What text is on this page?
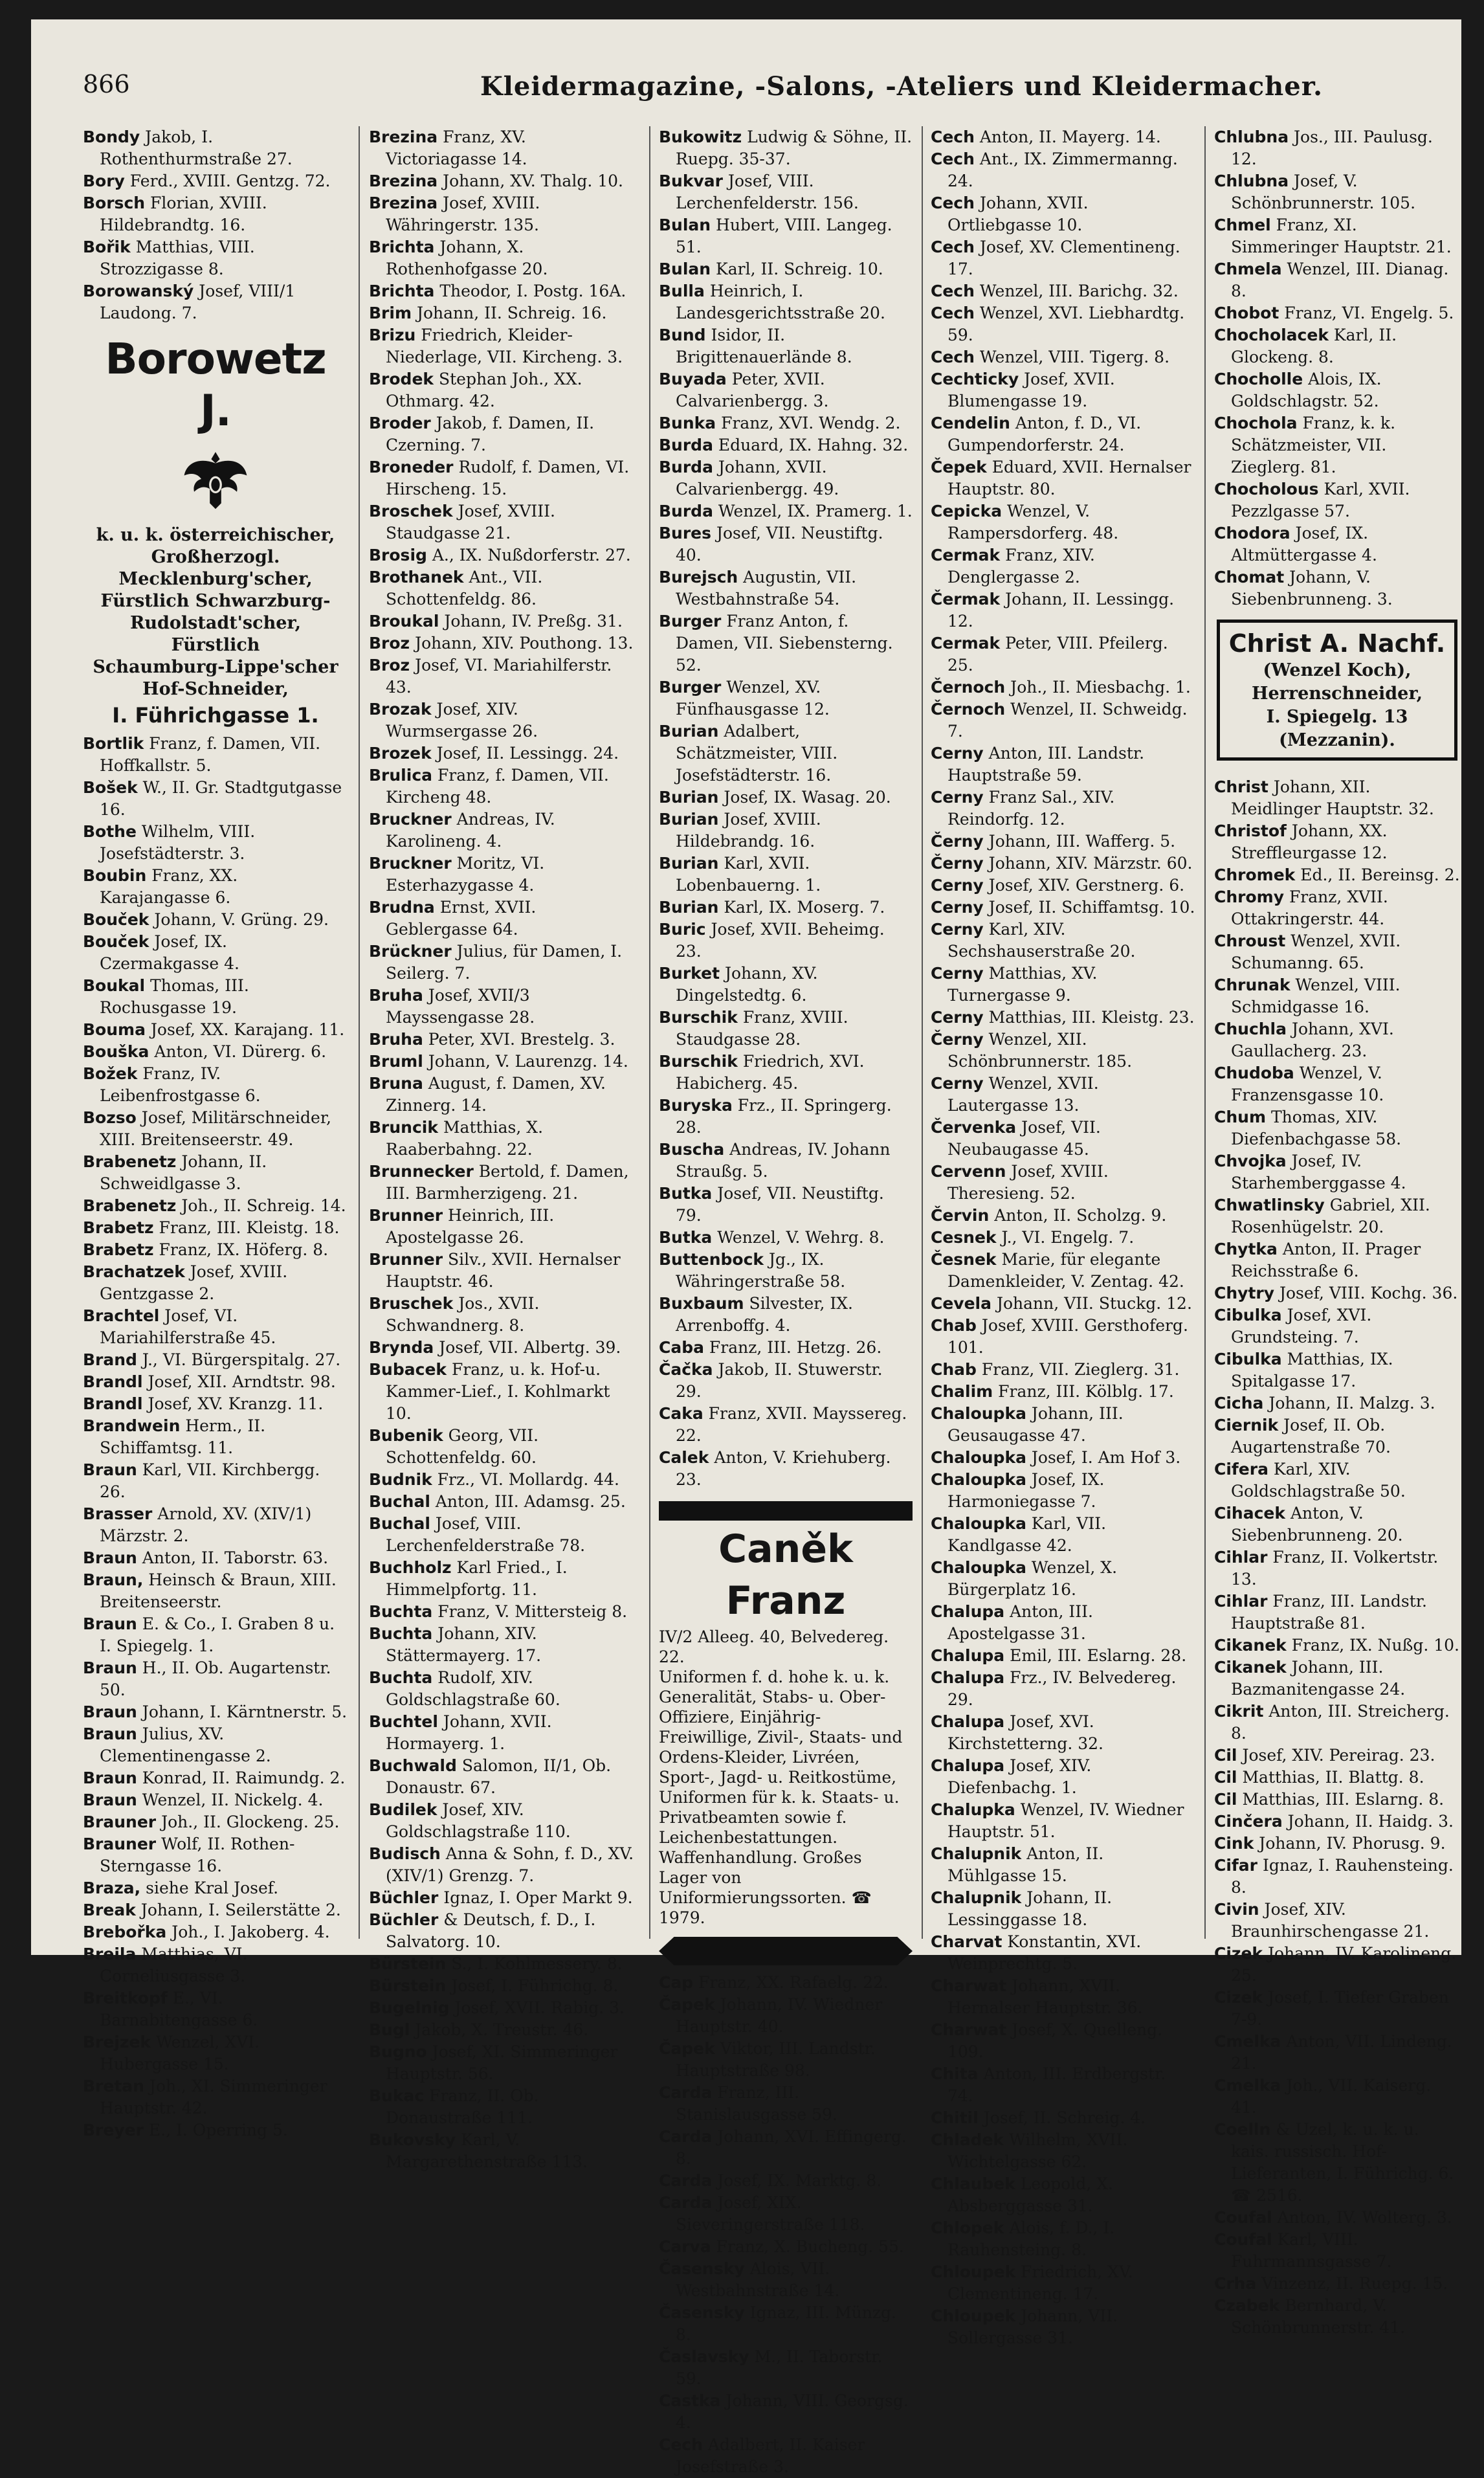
866	Kleidermagazine, -Salons, -Ateliers und Kleidermacher.

Bondy Jakob, I. Rothenthurmstraße 27.

Bory Ferd., XVIII. Gentzg. 72.

Borsch Florian, XVIII. Hildebrandtg. 16.

Bořik Matthias, VIII. Strozzigasse 8.

Borowanský Josef, VIII/1 Laudong. 7.

Borowetz J.
k. u. k. österreichischer,
Großherzogl. Mecklenburg'scher,
Fürstlich Schwarzburg-Rudolstadt'scher,
Fürstlich
Schaumburg-Lippe'scher
Hof-Schneider,
I. Führichgasse 1.

Bortlik Franz, f. Damen, VII. Hoffkallstr. 5.

Bošek W., II. Gr. Stadtgutgasse 16.

Bothe Wilhelm, VIII. Josefstädterstr. 3.

Boubin Franz, XX. Karajangasse 6.

Bouček Johann, V. Grüng. 29.

Bouček Josef, IX. Czermakgasse 4.

Boukal Thomas, III. Rochusgasse 19.

Bouma Josef, XX. Karajang. 11.

Bouška Anton, VI. Dürerg. 6.

Božek Franz, IV. Leibenfrostgasse 6.

Bozso Josef, Militärschneider, XIII. Breitenseerstr. 49.

Brabenetz Johann, II. Schweidlgasse 3.

Brabenetz Joh., II. Schreig. 14.

Brabetz Franz, III. Kleistg. 18.

Brabetz Franz, IX. Höferg. 8.

Brachatzek Josef, XVIII. Gentzgasse 2.

Brachtel Josef, VI. Mariahilferstraße 45.

Brand J., VI. Bürgerspitalg. 27.

Brandl Josef, XII. Arndtstr. 98.

Brandl Josef, XV. Kranzg. 11.

Brandwein Herm., II. Schiffamtsg. 11.

Braun Karl, VII. Kirchbergg. 26.

Brasser Arnold, XV. (XIV/1) Märzstr. 2.

Braun Anton, II. Taborstr. 63.

Braun, Heinsch & Braun, XIII. Breitenseerstr.

Braun E. & Co., I. Graben 8 u. I. Spiegelg. 1.

Braun H., II. Ob. Augartenstr. 50.

Braun Johann, I. Kärntnerstr. 5.

Braun Julius, XV. Clementinengasse 2.

Braun Konrad, II. Raimundg. 2.

Braun Wenzel, II. Nickelg. 4.

Brauner Joh., II. Glockeng. 25.

Brauner Wolf, II. Rothen-Sterngasse 16.

Braza, siehe Kral Josef.

Break Johann, I. Seilerstätte 2.

Brebořka Joh., I. Jakoberg. 4.

Breila Matthias, VI. Corneliusgasse 3.

Breitkopf E., VI. Barnabitengasse 6.

Brejzek Wenzel, XVI. Hubergasse 15.

Bretan Joh., XI. Simmeringer Hauptstr. 42.

Breyer E., I. Operring 5.

Brezina Franz, XV. Victoriagasse 14.

Brezina Johann, XV. Thalg. 10.

Brezina Josef, XVIII. Währingerstr. 135.

Brichta Johann, X. Rothenhofgasse 20.

Brichta Theodor, I. Postg. 16A.

Brim Johann, II. Schreig. 16.

Brizu Friedrich, Kleider-Niederlage, VII. Kircheng. 3.

Brodek Stephan Joh., XX. Othmarg. 42.

Broder Jakob, f. Damen, II. Czerning. 7.

Broneder Rudolf, f. Damen, VI. Hirscheng. 15.

Broschek Josef, XVIII. Staudgasse 21.

Brosig A., IX. Nußdorferstr. 27.

Brothanek Ant., VII. Schottenfeldg. 86.

Broukal Johann, IV. Preßg. 31.

Broz Johann, XIV. Pouthong. 13.

Broz Josef, VI. Mariahilferstr. 43.

Brozak Josef, XIV. Wurmsergasse 26.

Brozek Josef, II. Lessingg. 24.

Brulica Franz, f. Damen, VII. Kircheng 48.

Bruckner Andreas, IV. Karolineng. 4.

Bruckner Moritz, VI. Esterhazygasse 4.

Brudna Ernst, XVII. Geblergasse 64.

Brückner Julius, für Damen, I. Seilerg. 7.

Bruha Josef, XVII/3 Mayssengasse 28.

Bruha Peter, XVI. Brestelg. 3.

Bruml Johann, V. Laurenzg. 14.

Bruna August, f. Damen, XV. Zinnerg. 14.

Bruncik Matthias, X. Raaberbahng. 22.

Brunnecker Bertold, f. Damen, III. Barmherzigeng. 21.

Brunner Heinrich, III. Apostelgasse 26.

Brunner Silv., XVII. Hernalser Hauptstr. 46.

Bruschek Jos., XVII. Schwandnerg. 8.

Brynda Josef, VII. Albertg. 39.

Bubacek Franz, u. k. Hof-u. Kammer-Lief., I. Kohlmarkt 10.

Bubenik Georg, VII. Schottenfeldg. 60.

Budnik Frz., VI. Mollardg. 44.

Buchal Anton, III. Adamsg. 25.

Buchal Josef, VIII. Lerchenfelderstraße 78.

Buchholz Karl Fried., I. Himmelpfortg. 11.

Buchta Franz, V. Mittersteig 8.

Buchta Johann, XIV. Stättermayerg. 17.

Buchta Rudolf, XIV. Goldschlagstraße 60.

Buchtel Johann, XVII. Hormayerg. 1.

Buchwald Salomon, II/1, Ob. Donaustr. 67.

Budilek Josef, XIV. Goldschlagstraße 110.

Budisch Anna & Sohn, f. D., XV. (XIV/1) Grenzg. 7.

Büchler Ignaz, I. Oper Markt 9.

Büchler & Deutsch, f. D., I. Salvatorg. 10.

Bürstein S., I. Kohlmessery. 8.

Bürstein Josef, I. Führichg. 8.

Bugelnig Josef, XVII. Rabig. 3.

Bugl Jakob, X. Treustr. 46.

Bugno Josef, XI. Simmeringer Hauptstr. 56.

Bukac Franz, II. Ob. Donaustraße 111.

Bukovsky Karl, V. Margarethenstraße 113.

Bukowitz Ludwig & Söhne, II. Ruepg. 35-37.

Bukvar Josef, VIII. Lerchenfelderstr. 156.

Bulan Hubert, VIII. Langeg. 51.

Bulan Karl, II. Schreig. 10.

Bulla Heinrich, I. Landesgerichtsstraße 20.

Bund Isidor, II. Brigittenauerlände 8.

Buyada Peter, XVII. Calvarienbergg. 3.

Bunka Franz, XVI. Wendg. 2.

Burda Eduard, IX. Hahng. 32.

Burda Johann, XVII. Calvarienbergg. 49.

Burda Wenzel, IX. Pramerg. 1.

Bures Josef, VII. Neustiftg. 40.

Burejsch Augustin, VII. Westbahnstraße 54.

Burger Franz Anton, f. Damen, VII. Siebensterng. 52.

Burger Wenzel, XV. Fünfhausgasse 12.

Burian Adalbert, Schätzmeister, VIII. Josefstädterstr. 16.

Burian Josef, IX. Wasag. 20.

Burian Josef, XVIII. Hildebrandg. 16.

Burian Karl, XVII. Lobenbauerng. 1.

Burian Karl, IX. Moserg. 7.

Buric Josef, XVII. Beheimg. 23.

Burket Johann, XV. Dingelstedtg. 6.

Burschik Franz, XVIII. Staudgasse 28.

Burschik Friedrich, XVI. Habicherg. 45.

Buryska Frz., II. Springerg. 28.

Buscha Andreas, IV. Johann Straußg. 5.

Butka Josef, VII. Neustiftg. 79.

Butka Wenzel, V. Wehrg. 8.

Buttenbock Jg., IX. Währingerstraße 58.

Buxbaum Silvester, IX. Arrenboffg. 4.

Caba Franz, III. Hetzg. 26.

Čačka Jakob, II. Stuwerstr. 29.

Caka Franz, XVII. Mayssereg. 22.

Calek Anton, V. Kriehuberg. 23.

Caněk Franz
IV/2 Alleeg. 40, Belvedereg. 22.
Uniformen f. d. hohe k. u. k. Generalität, Stabs- u. Ober-Offiziere, Einjährig-Freiwillige, Zivil-, Staats- und Ordens-Kleider, Livréen, Sport-, Jagd- u. Reitkostüme, Uniformen für k. k. Staats- u. Privatbeamten sowie f. Leichenbestattungen. Waffenhandlung. Großes Lager von Uniformierungssorten. ☎ 1979.

Cap Franz, XX. Rafaelg. 22.

Čapek Johann, IV. Wiedner Hauptstr. 40.

Čapek Viktor, III. Landstr. Hauptstraße 98.

Carda Franz, III. Stanislausgasse 59.

Carda Johann, XVI. Effingerg. 8.

Carda Josef, IX. Marktg. 8.

Carda Josef, XIX. Sieveringerstraße 118.

Carva Franz, X. Bucheng. 55.

Časensky Alois, VII. Westbahnstraße 14.

Časensky Ignaz, III. Münzg. 8.

Časlavsky M., II. Taborstr. 59.

Castka Johann, VIII. Georgsg. 4.

Cech Adalbert, II. Kaiser Josefstraße 3.

Cech Anton, II. Mayerg. 14.

Cech Ant., IX. Zimmermanng. 24.

Cech Johann, XVII. Ortliebgasse 10.

Cech Josef, XV. Clementineng. 17.

Cech Wenzel, III. Barichg. 32.

Cech Wenzel, XVI. Liebhardtg. 59.

Cech Wenzel, VIII. Tigerg. 8.

Cechticky Josef, XVII. Blumengasse 19.

Cendelin Anton, f. D., VI. Gumpendorferstr. 24.

Čepek Eduard, XVII. Hernalser Hauptstr. 80.

Cepicka Wenzel, V. Rampersdorferg. 48.

Cermak Franz, XIV. Denglergasse 2.

Čermak Johann, II. Lessingg. 12.

Cermak Peter, VIII. Pfeilerg. 25.

Černoch Joh., II. Miesbachg. 1.

Černoch Wenzel, II. Schweidg. 7.

Cerny Anton, III. Landstr. Hauptstraße 59.

Cerny Franz Sal., XIV. Reindorfg. 12.

Černy Johann, III. Wafferg. 5.

Černy Johann, XIV. Märzstr. 60.

Cerny Josef, XIV. Gerstnerg. 6.

Cerny Josef, II. Schiffamtsg. 10.

Cerny Karl, XIV. Sechshauserstraße 20.

Cerny Matthias, XV. Turnergasse 9.

Cerny Matthias, III. Kleistg. 23.

Černy Wenzel, XII. Schönbrunnerstr. 185.

Cerny Wenzel, XVII. Lautergasse 13.

Červenka Josef, VII. Neubaugasse 45.

Cervenn Josef, XVIII. Theresieng. 52.

Červin Anton, II. Scholzg. 9.

Cesnek J., VI. Engelg. 7.

Česnek Marie, für elegante Damenkleider, V. Zentag. 42.

Cevela Johann, VII. Stuckg. 12.

Chab Josef, XVIII. Gersthoferg. 101.

Chab Franz, VII. Zieglerg. 31.

Chalim Franz, III. Kölblg. 17.

Chaloupka Johann, III. Geusaugasse 47.

Chaloupka Josef, I. Am Hof 3.

Chaloupka Josef, IX. Harmoniegasse 7.

Chaloupka Karl, VII. Kandlgasse 42.

Chaloupka Wenzel, X. Bürgerplatz 16.

Chalupa Anton, III. Apostelgasse 31.

Chalupa Emil, III. Eslarng. 28.

Chalupa Frz., IV. Belvedereg. 29.

Chalupa Josef, XVI. Kirchstetterng. 32.

Chalupa Josef, XIV. Diefenbachg. 1.

Chalupka Wenzel, IV. Wiedner Hauptstr. 51.

Chalupnik Anton, II. Mühlgasse 15.

Chalupnik Johann, II. Lessinggasse 18.

Charvat Konstantin, XVI. Weinprechtg. 5.

Charwat Johann, XVII. Hernalser Hauptstr. 36.

Charwat Josef, X. Quelleng. 109.

Chita Anton, III. Erdbergstr. 74.

Chitil Josef, II. Schreig. 4.

Chladek Wilhelm, XVII. Wichtelgasse 62.

Chlaubek Leopold, X. Absberggasse 31.

Chlopek Alois, f. D., I. Rauhensteing. 8.

Chloupek Friedrich, XV. Clementineng. 17.

Chloupek Johann, VII. Sollergasse 31.

Chlubna Jos., III. Paulusg. 12.

Chlubna Josef, V. Schönbrunnerstr. 105.

Chmel Franz, XI. Simmeringer Hauptstr. 21.

Chmela Wenzel, III. Dianag. 8.

Chobot Franz, VI. Engelg. 5.

Chocholacek Karl, II. Glockeng. 8.

Chocholle Alois, IX. Goldschlagstr. 52.

Chochola Franz, k. k. Schätzmeister, VII. Zieglerg. 81.

Chocholous Karl, XVII. Pezzlgasse 57.

Chodora Josef, IX. Altmüttergasse 4.

Chomat Johann, V. Siebenbrunneng. 3.

Christ A. Nachf.
(Wenzel Koch),
Herrenschneider,
I. Spiegelg. 13 (Mezzanin).

Christ Johann, XII. Meidlinger Hauptstr. 32.

Christof Johann, XX. Streffleurgasse 12.

Chromek Ed., II. Bereinsg. 2.

Chromy Franz, XVII. Ottakringerstr. 44.

Chroust Wenzel, XVII. Schumanng. 65.

Chrunak Wenzel, VIII. Schmidgasse 16.

Chuchla Johann, XVI. Gaullacherg. 23.

Chudoba Wenzel, V. Franzensgasse 10.

Chum Thomas, XIV. Diefenbachgasse 58.

Chvojka Josef, IV. Starhemberggasse 4.

Chwatlinsky Gabriel, XII. Rosenhügelstr. 20.

Chytka Anton, II. Prager Reichsstraße 6.

Chytry Josef, VIII. Kochg. 36.

Cibulka Josef, XVI. Grundsteing. 7.

Cibulka Matthias, IX. Spitalgasse 17.

Cicha Johann, II. Malzg. 3.

Ciernik Josef, II. Ob. Augartenstraße 70.

Cifera Karl, XIV. Goldschlagstraße 50.

Cihacek Anton, V. Siebenbrunneng. 20.

Cihlar Franz, II. Volkertstr. 13.

Cihlar Franz, III. Landstr. Hauptstraße 81.

Cikanek Franz, IX. Nußg. 10.

Cikanek Johann, III. Bazmanitengasse 24.

Cikrit Anton, III. Streicherg. 8.

Cil Josef, XIV. Pereirag. 23.

Cil Matthias, II. Blattg. 8.

Cil Matthias, III. Eslarng. 8.

Cinčera Johann, II. Haidg. 3.

Cink Johann, IV. Phorusg. 9.

Cifar Ignaz, I. Rauhensteing. 8.

Civin Josef, XIV. Braunhirschengasse 21.

Cizek Johann, IV. Karolineng. 25.

Cizek Josef, I. Tiefer Graben 7-9.

Cmelka Anton, VII. Lindeng. 21.

Cmelka Joh., VII. Kaiserg. 41.

Coelln & Uzel, k. u. k. u. kais. russisch. Hof-Lieferanten, I. Führichg. 6. ☎ 2516.

Coufal Anton, IV. Wolterg. 3.

Coufal Karl, VIII. Fuhrmannsgasse 7.

Crha Vinzenz, II. Ruepg. 15.

Czabek Bernhard, V. Schönbrunnerstr. 41.
